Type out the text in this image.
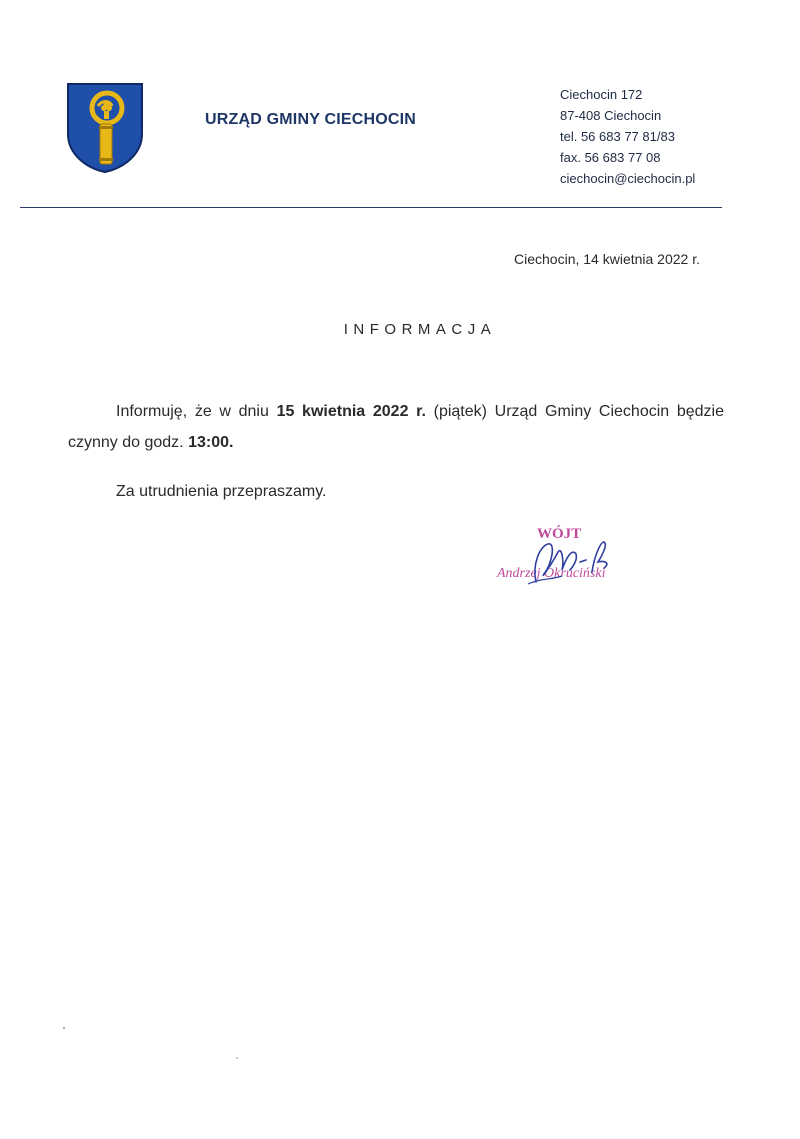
URZĄD GMINY CIECHOCIN
Ciechocin 172
87-408 Ciechocin
tel. 56 683 77 81/83
fax. 56 683 77 08
ciechocin@ciechocin.pl
Ciechocin, 14 kwietnia 2022 r.
INFORMACJA

Informuję, że w dniu 15 kwietnia 2022 r. (piątek) Urząd Gminy Ciechocin będzie czynny do godz. 13:00.

Za utrudnienia przepraszamy.
WÓJT
Andrzej Okruciński
